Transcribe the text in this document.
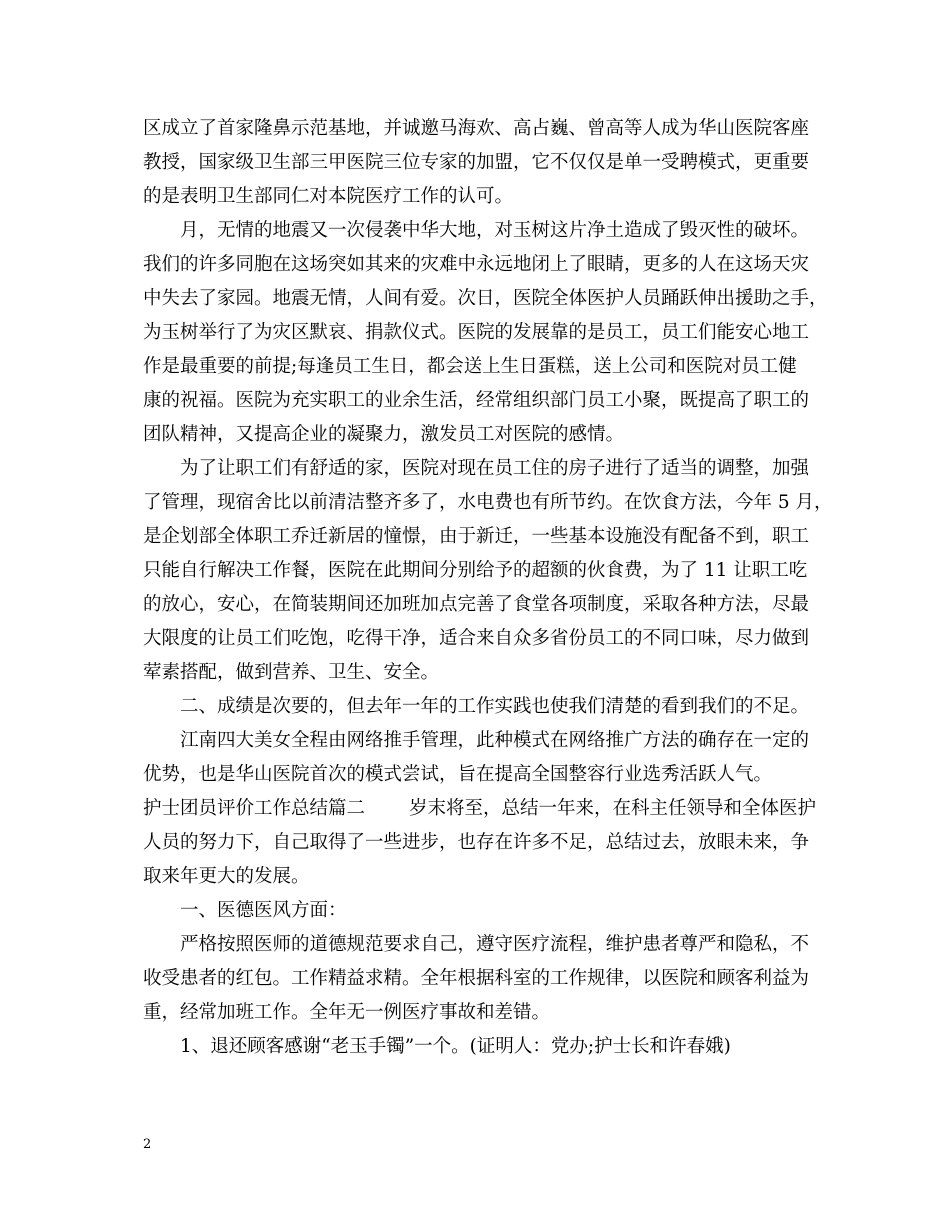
区成立了首家隆鼻示范基地，并诚邀马海欢、高占巍、曾高等人成为华山医院客座
教授，国家级卫生部三甲医院三位专家的加盟，它不仅仅是单一受聘模式，更重要
的是表明卫生部同仁对本院医疗工作的认可。
月，无情的地震又一次侵袭中华大地，对玉树这片净土造成了毁灭性的破坏。
我们的许多同胞在这场突如其来的灾难中永远地闭上了眼睛，更多的人在这场天灾
中失去了家园。地震无情，人间有爱。次日，医院全体医护人员踊跃伸出援助之手，
为玉树举行了为灾区默哀、捐款仪式。医院的发展靠的是员工，员工们能安心地工
作是最重要的前提;每逢员工生日，都会送上生日蛋糕，送上公司和医院对员工健
康的祝福。医院为充实职工的业余生活，经常组织部门员工小聚，既提高了职工的
团队精神，又提高企业的凝聚力，激发员工对医院的感情。
为了让职工们有舒适的家，医院对现在员工住的房子进行了适当的调整，加强
了管理，现宿舍比以前清洁整齐多了，水电费也有所节约。在饮食方法，今年 5 月，
是企划部全体职工乔迁新居的憧憬，由于新迁，一些基本设施没有配备不到，职工
只能自行解决工作餐，医院在此期间分别给予的超额的伙食费，为了 11 让职工吃
的放心，安心，在简装期间还加班加点完善了食堂各项制度，采取各种方法，尽最
大限度的让员工们吃饱，吃得干净，适合来自众多省份员工的不同口味，尽力做到
荤素搭配，做到营养、卫生、安全。
二、成绩是次要的，但去年一年的工作实践也使我们清楚的看到我们的不足。
江南四大美女全程由网络推手管理，此种模式在网络推广方法的确存在一定的
优势，也是华山医院首次的模式尝试，旨在提高全国整容行业选秀活跃人气。
护士团员评价工作总结篇二 岁末将至，总结一年来，在科主任领导和全体医护
人员的努力下，自己取得了一些进步，也存在许多不足，总结过去，放眼未来，争
取来年更大的发展。
一、医德医风方面：
严格按照医师的道德规范要求自己，遵守医疗流程，维护患者尊严和隐私，不
收受患者的红包。工作精益求精。全年根据科室的工作规律，以医院和顾客利益为
重，经常加班工作。全年无一例医疗事故和差错。
1、退还顾客感谢“老玉手镯”一个。(证明人：党办;护士长和许春娥)
2
